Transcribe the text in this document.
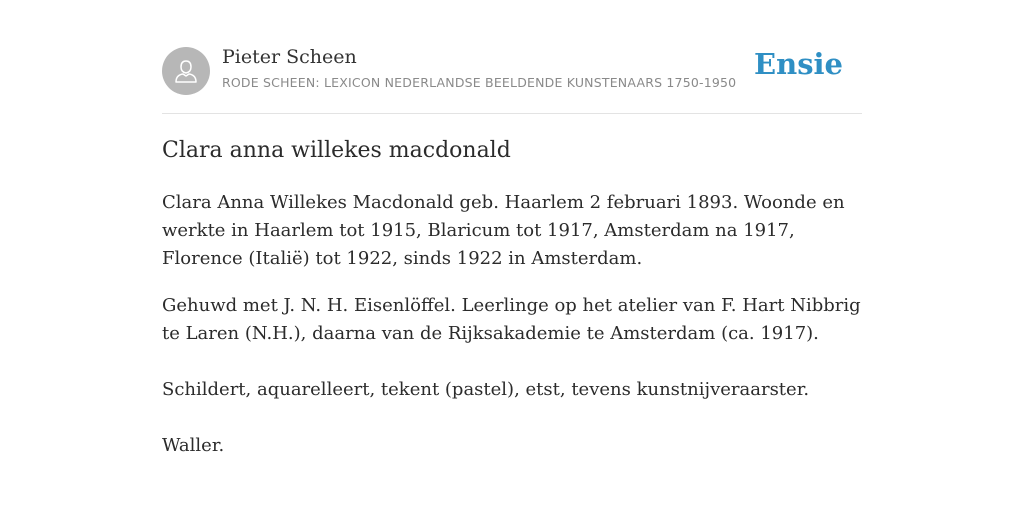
Pieter Scheen
RODE SCHEEN: LEXICON NEDERLANDSE BEELDENDE KUNSTENAARS 1750-1950
Ensie
Clara anna willekes macdonald

Clara Anna Willekes Macdonald geb. Haarlem 2 februari 1893. Woonde en werkte in Haarlem tot 1915, Blaricum tot 1917, Amsterdam na 1917, Florence (Italië) tot 1922, sinds 1922 in Amsterdam.

Gehuwd met J. N. H. Eisenlöffel. Leerlinge op het atelier van F. Hart Nibbrig te Laren (N.H.), daarna van de Rijksakademie te Amsterdam (ca. 1917).

Schildert, aquarelleert, tekent (pastel), etst, tevens kunstnijveraarster.

Waller.
